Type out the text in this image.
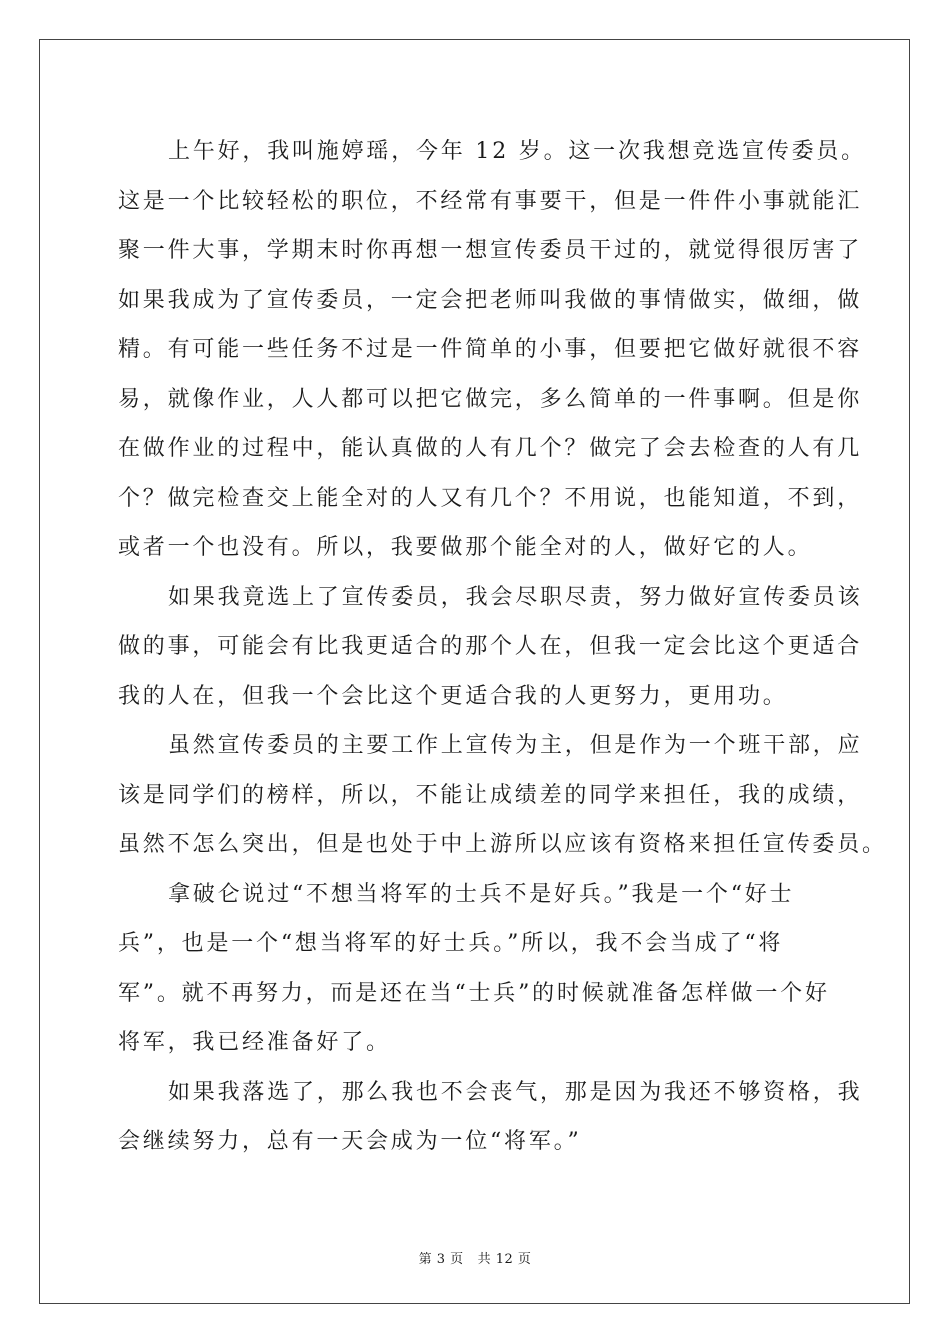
上午好，我叫施婷瑶，今年 12 岁。这一次我想竞选宣传委员。
这是一个比较轻松的职位，不经常有事要干，但是一件件小事就能汇
聚一件大事，学期末时你再想一想宣传委员干过的，就觉得很厉害了
如果我成为了宣传委员，一定会把老师叫我做的事情做实，做细，做
精。有可能一些任务不过是一件简单的小事，但要把它做好就很不容
易，就像作业，人人都可以把它做完，多么简单的一件事啊。但是你
在做作业的过程中，能认真做的人有几个？做完了会去检查的人有几
个？做完检查交上能全对的人又有几个？不用说，也能知道，不到，
或者一个也没有。所以，我要做那个能全对的人，做好它的人。
如果我竟选上了宣传委员，我会尽职尽责，努力做好宣传委员该
做的事，可能会有比我更适合的那个人在，但我一定会比这个更适合
我的人在，但我一个会比这个更适合我的人更努力，更用功。
虽然宣传委员的主要工作上宣传为主，但是作为一个班干部，应
该是同学们的榜样，所以，不能让成绩差的同学来担任，我的成绩，
虽然不怎么突出，但是也处于中上游所以应该有资格来担任宣传委员。
拿破仑说过“不想当将军的士兵不是好兵。”我是一个“好士
兵”，也是一个“想当将军的好士兵。”所以，我不会当成了“将
军”。就不再努力，而是还在当“士兵”的时候就准备怎样做一个好
将军，我已经准备好了。
如果我落选了，那么我也不会丧气，那是因为我还不够资格，我
会继续努力，总有一天会成为一位“将军。”
第 3 页 共 12 页
